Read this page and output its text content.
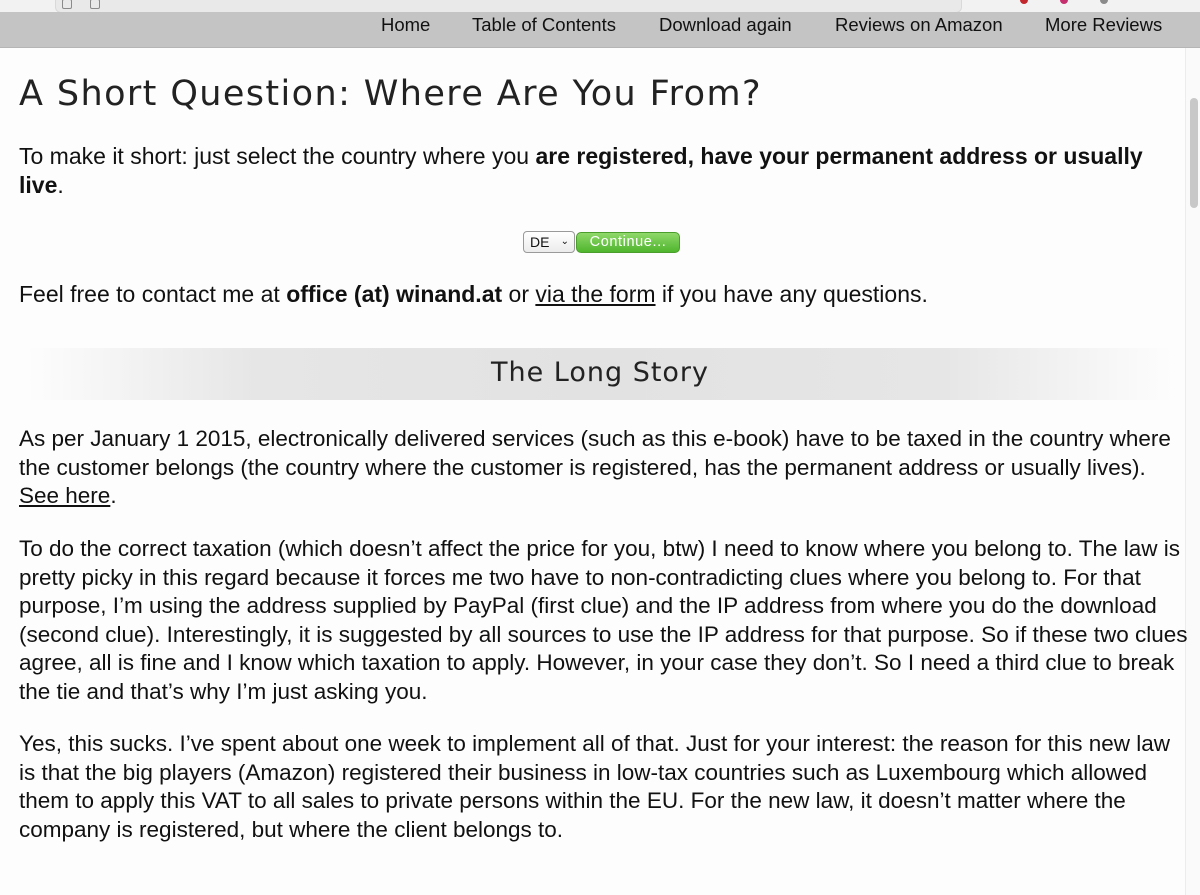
Home Table of Contents Download again Reviews on Amazon More Reviews
A Short Question: Where Are You From?

To make it short: just select the country where you are registered, have your permanent address or usually live.

DE ⌄	Continue...

Feel free to contact me at office (at) winand.at or via the form if you have any questions.

The Long Story

As per January 1 2015, electronically delivered services (such as this e-book) have to be taxed in the country where the customer belongs (the country where the customer is registered, has the permanent address or usually lives). See here.

To do the correct taxation (which doesn’t affect the price for you, btw) I need to know where you belong to. The law is pretty picky in this regard because it forces me two have to non-contradicting clues where you belong to. For that purpose, I’m using the address supplied by PayPal (first clue) and the IP address from where you do the download (second clue). Interestingly, it is suggested by all sources to use the IP address for that purpose. So if these two clues agree, all is fine and I know which taxation to apply. However, in your case they don’t. So I need a third clue to break the tie and that’s why I’m just asking you.

Yes, this sucks. I’ve spent about one week to implement all of that. Just for your interest: the reason for this new law is that the big players (Amazon) registered their business in low-tax countries such as Luxembourg which allowed them to apply this VAT to all sales to private persons within the EU. For the new law, it doesn’t matter where the company is registered, but where the client belongs to.
